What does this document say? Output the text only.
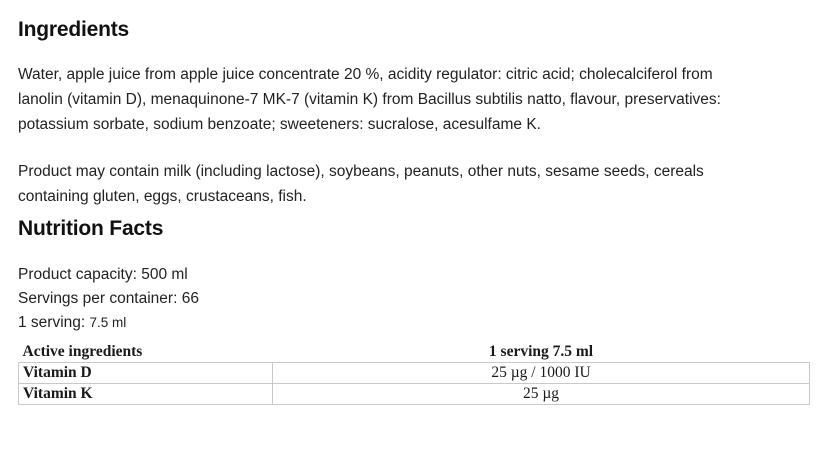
Ingredients

Water, apple juice from apple juice concentrate 20 %, acidity regulator: citric acid; cholecalciferol from lanolin (vitamin D), menaquinone-7 MK-7 (vitamin K) from Bacillus subtilis natto, flavour, preservatives: potassium sorbate, sodium benzoate; sweeteners: sucralose, acesulfame K.

Product may contain milk (including lactose), soybeans, peanuts, other nuts, sesame seeds, cereals containing gluten, eggs, crustaceans, fish.

Nutrition Facts
Product capacity: 500 ml
Servings per container: 66
1 serving: 7.5 ml
Active ingredients	1 serving 7.5 ml
Vitamin D	25 µg / 1000 IU
Vitamin K	25 µg
